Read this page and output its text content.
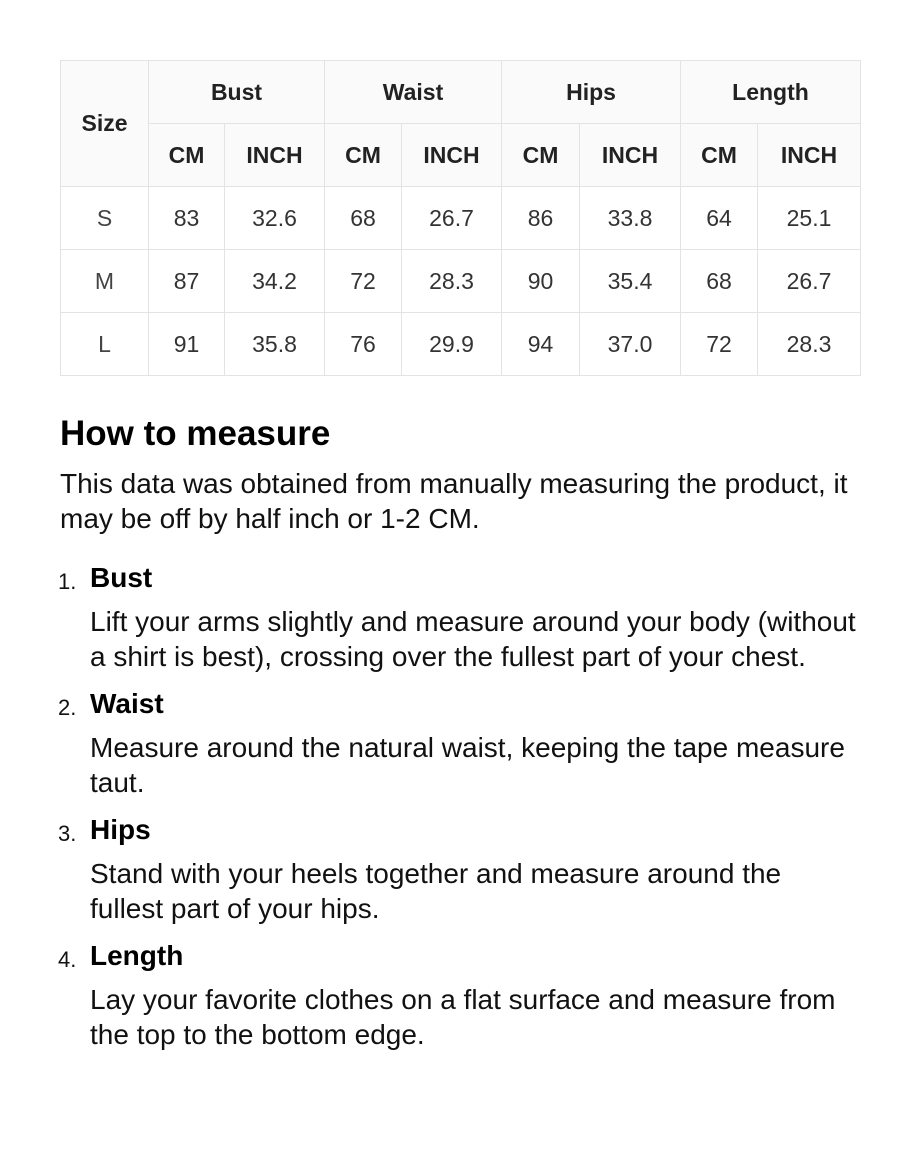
Size	Bust		Waist		Hips		Length	
	CM	INCH	CM	INCH	CM	INCH	CM	INCH
S	83	32.6	68	26.7	86	33.8	64	25.1
M	87	34.2	72	28.3	90	35.4	68	26.7
L	91	35.8	76	29.9	94	37.0	72	28.3
How to measure

This data was obtained from manually measuring the product, it may be off by half inch or 1-2 CM.

1. Bust
Lift your arms slightly and measure around your body (without a shirt is best), crossing over the fullest part of your chest.
2. Waist
Measure around the natural waist, keeping the tape measure taut.
3. Hips
Stand with your heels together and measure around the fullest part of your hips.
4. Length
Lay your favorite clothes on a flat surface and measure from the top to the bottom edge.
